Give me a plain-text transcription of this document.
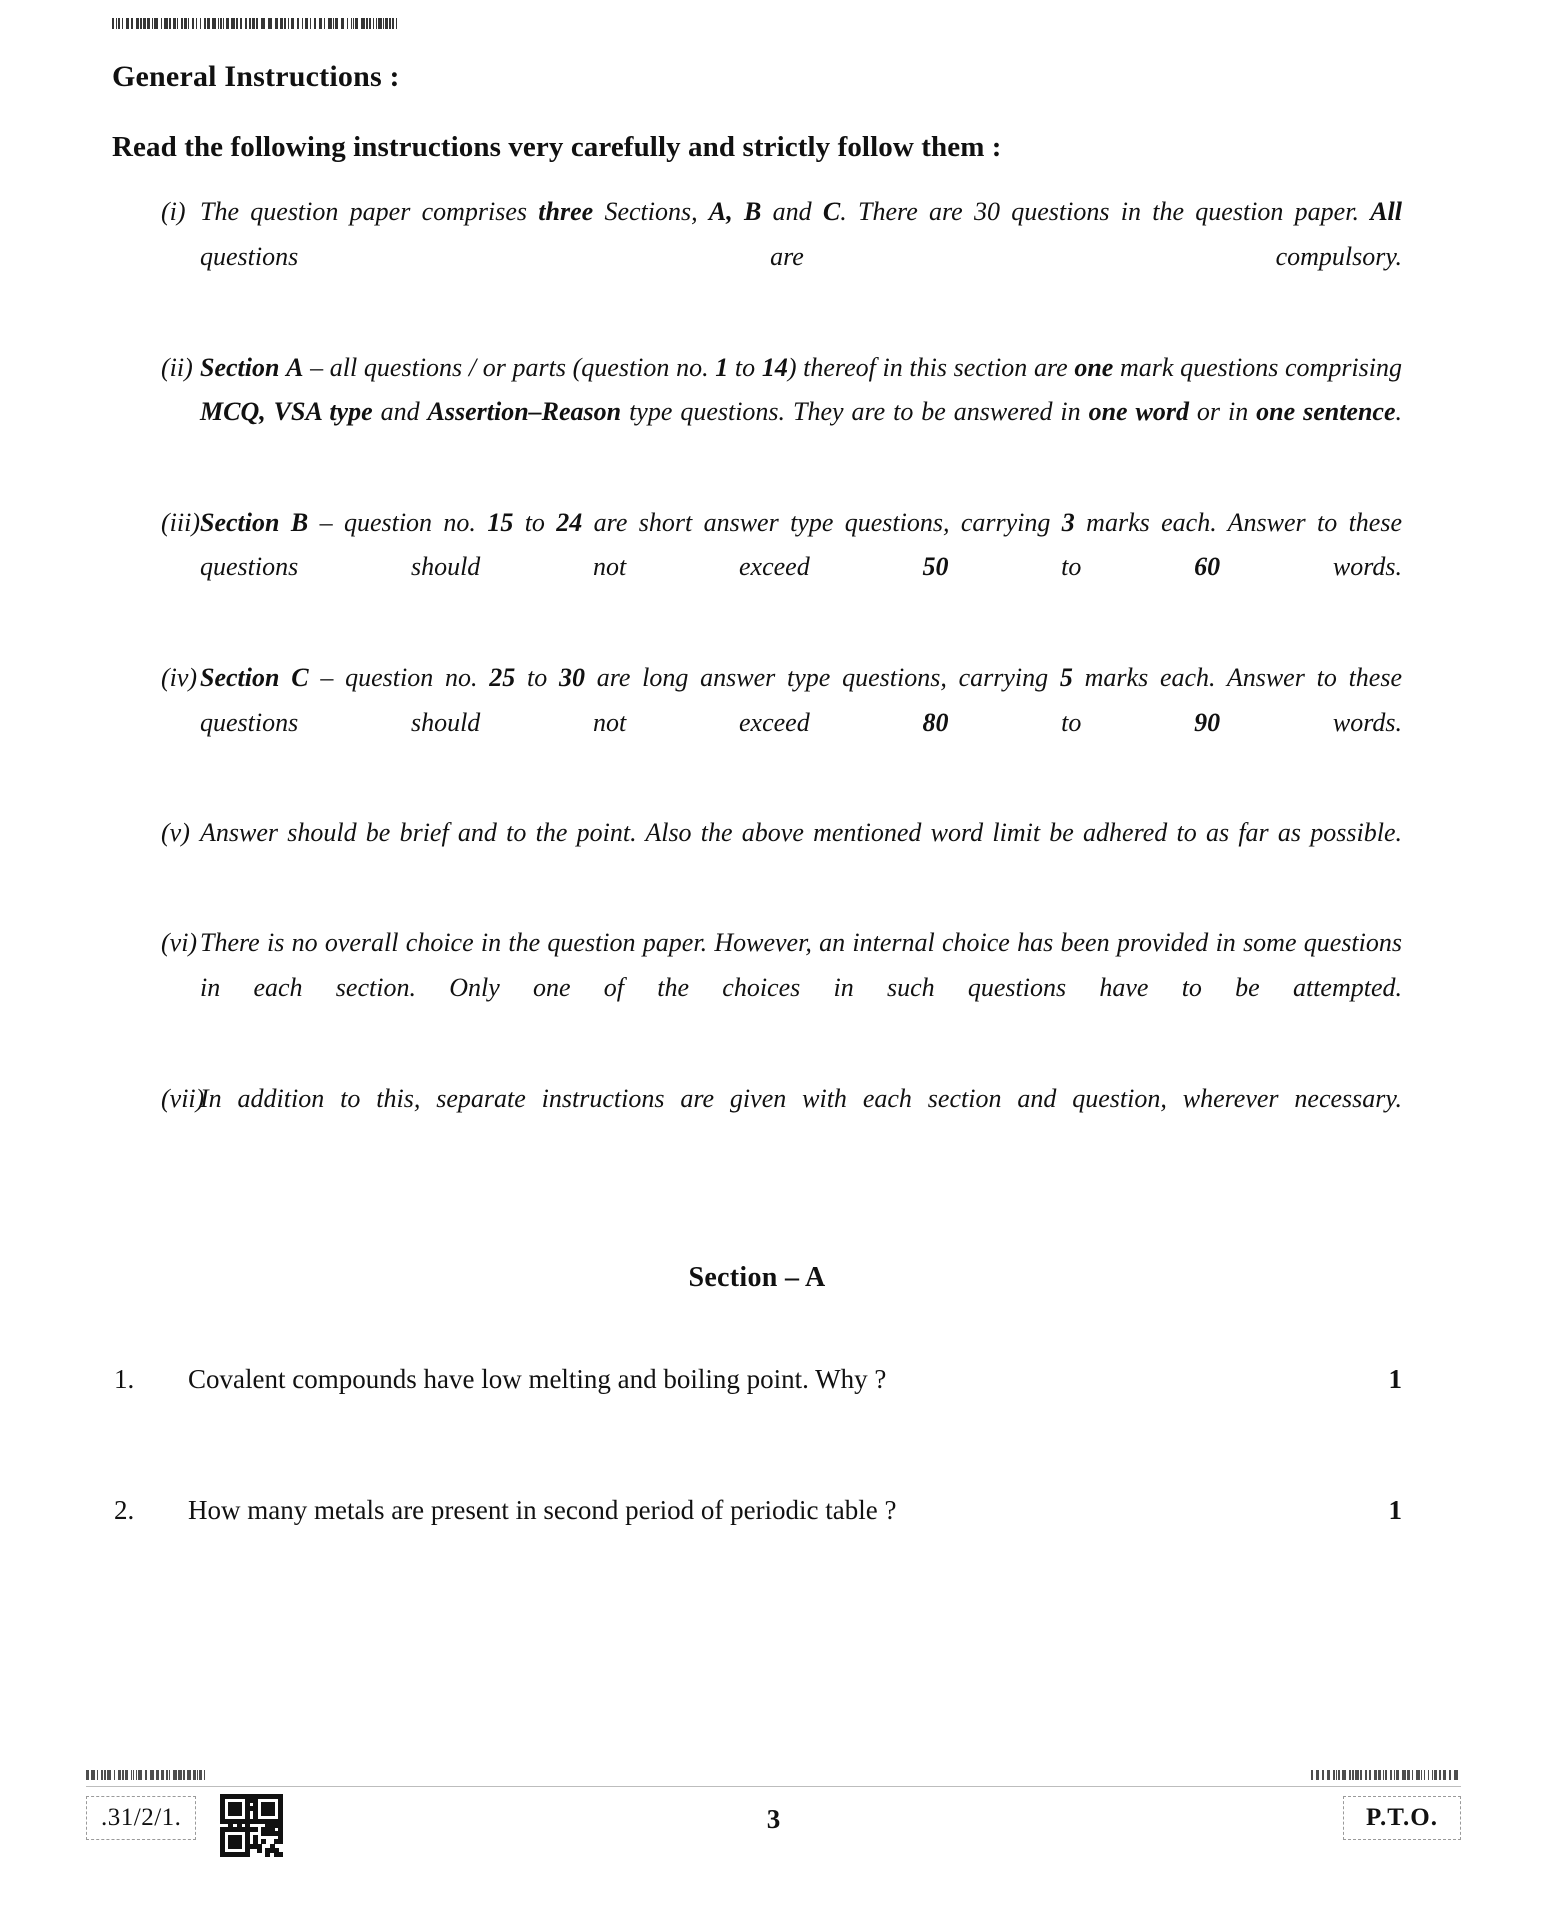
General Instructions :
Read the following instructions very carefully and strictly follow them :
(i) The question paper comprises three Sections, A, B and C. There are 30 questions in the question paper. All questions are compulsory.
(ii) Section A – all questions / or parts (question no. 1 to 14) thereof in this section are one mark questions comprising MCQ, VSA type and Assertion–Reason type questions. They are to be answered in one word or in one sentence.
(iii) Section B – question no. 15 to 24 are short answer type questions, carrying 3 marks each. Answer to these questions should not exceed 50 to 60 words.
(iv) Section C – question no. 25 to 30 are long answer type questions, carrying 5 marks each. Answer to these questions should not exceed 80 to 90 words.
(v) Answer should be brief and to the point. Also the above mentioned word limit be adhered to as far as possible.
(vi) There is no overall choice in the question paper. However, an internal choice has been provided in some questions in each section. Only one of the choices in such questions have to be attempted.
(vii)
In addition to this, separate instructions are given with each section and question, wherever necessary.
Section – A
1.	Covalent compounds have low melting and boiling point. Why ?	1
2.	How many metals are present in second period of periodic table ?	1
.31/2/1.	3	P.T.O.
